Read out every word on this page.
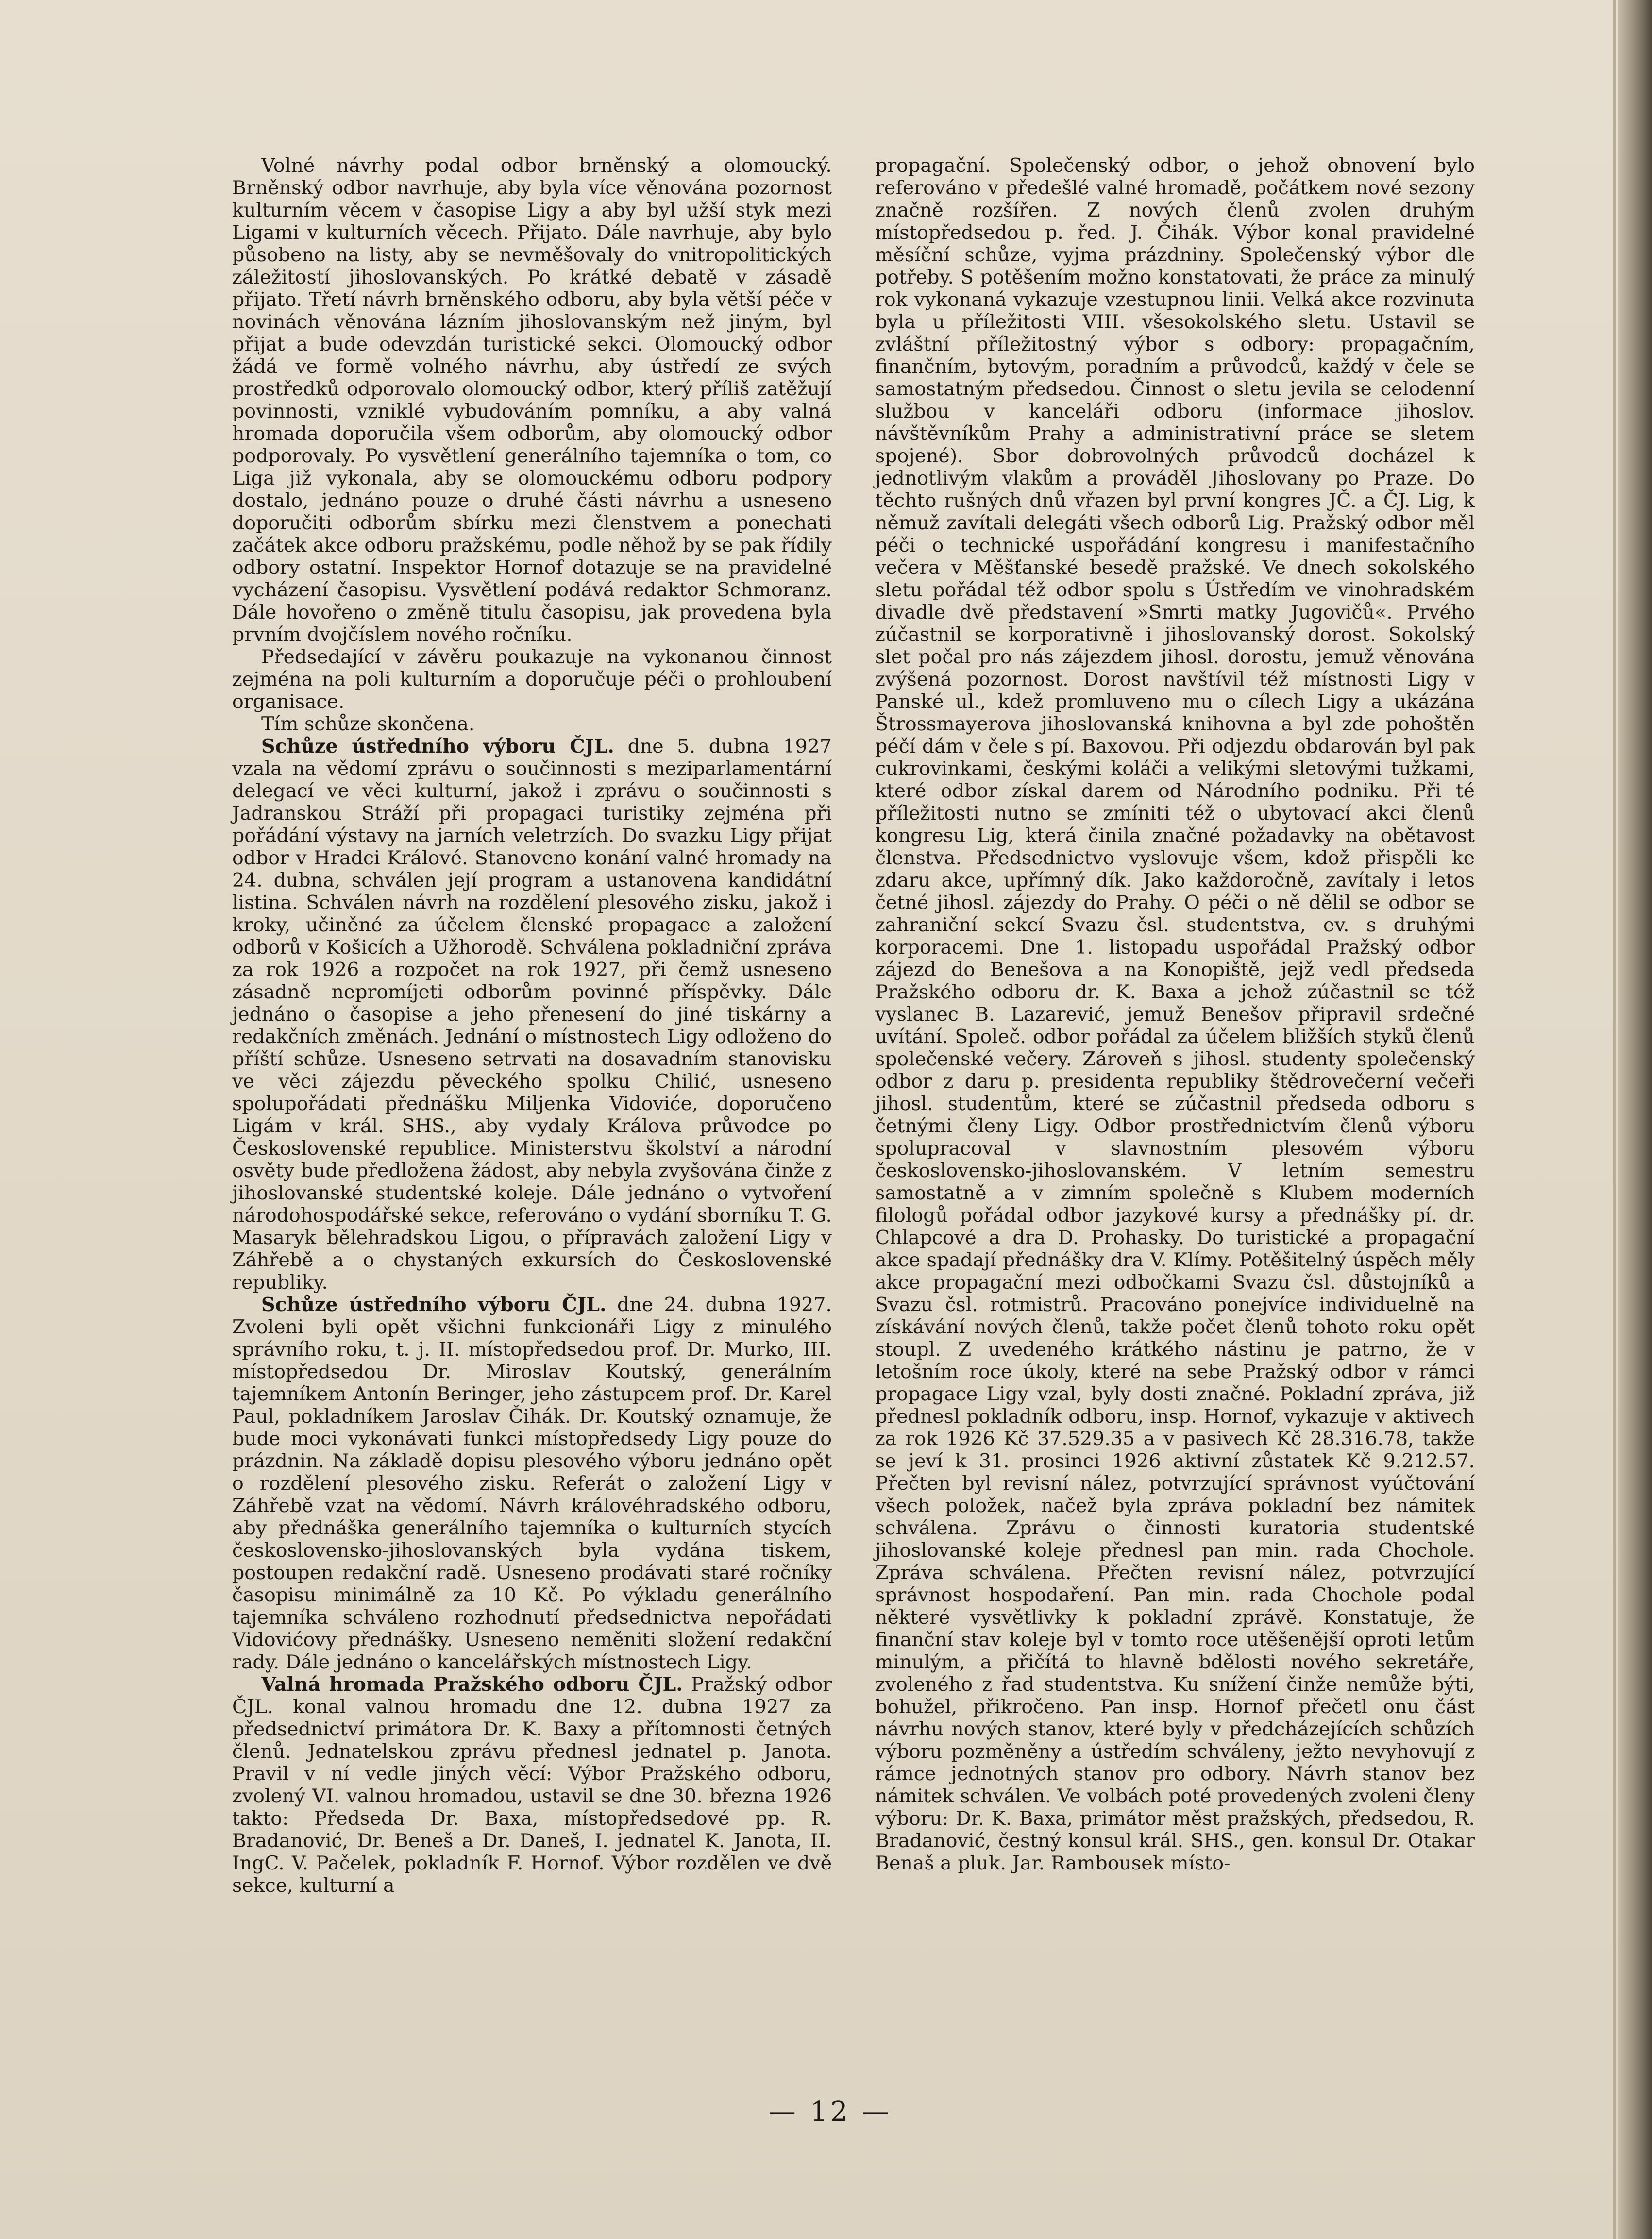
Volné návrhy podal odbor brněnský a olomoucký. Brněnský odbor navrhuje, aby byla více věnována pozornost kulturním věcem v časopise Ligy a aby byl užší styk mezi Ligami v kulturních věcech. Přijato. Dále navrhuje, aby bylo působeno na listy, aby se nevměšovaly do vnitropolitických záležitostí jihoslovanských. Po krátké debatě v zásadě přijato. Třetí návrh brněnského odboru, aby byla větší péče v novinách věnována lázním jihoslovanským než jiným, byl přijat a bude odevzdán turistické sekci. Olomoucký odbor žádá ve formě volného návrhu, aby ústředí ze svých prostředků odporovalo olomoucký odbor, který příliš zatěžují povinnosti, vzniklé vybudováním pomníku, a aby valná hromada doporučila všem odborům, aby olomoucký odbor podporovaly. Po vysvětlení generálního tajemníka o tom, co Liga již vykonala, aby se olomouckému odboru podpory dostalo, jednáno pouze o druhé části návrhu a usneseno doporučiti odborům sbírku mezi členstvem a ponechati začátek akce odboru pražskému, podle něhož by se pak řídily odbory ostatní. Inspektor Hornof dotazuje se na pravidelné vycházení časopisu. Vysvětlení podává redaktor Schmoranz. Dále hovořeno o změně titulu časopisu, jak provedena byla prvním dvojčíslem nového ročníku.

Předsedající v závěru poukazuje na vykonanou činnost zejména na poli kulturním a doporučuje péči o prohloubení organisace.

Tím schůze skončena.

Schůze ústředního výboru ČJL. dne 5. dubna 1927 vzala na vědomí zprávu o součinnosti s meziparlamentární delegací ve věci kulturní, jakož i zprávu o součinnosti s Jadranskou Stráží při propagaci turistiky zejména při pořádání výstavy na jarních veletrzích. Do svazku Ligy přijat odbor v Hradci Králové. Stanoveno konání valné hromady na 24. dubna, schválen její program a ustanovena kandidátní listina. Schválen návrh na rozdělení plesového zisku, jakož i kroky, učiněné za účelem členské propagace a založení odborů v Košicích a Užhorodě. Schválena pokladniční zpráva za rok 1926 a rozpočet na rok 1927, při čemž usneseno zásadně nepromíjeti odborům povinné příspěvky. Dále jednáno o časopise a jeho přenesení do jiné tiskárny a redakčních změnách. Jednání o místnostech Ligy odloženo do příští schůze. Usneseno setrvati na dosavadním stanovisku ve věci zájezdu pěveckého spolku Chilić, usneseno spolupořádati přednášku Miljenka Vidoviće, doporučeno Ligám v král. SHS., aby vydaly Králova průvodce po Československé republice. Ministerstvu školství a národní osvěty bude předložena žádost, aby nebyla zvyšována činže z jihoslovanské studentské koleje. Dále jednáno o vytvoření národohospodářské sekce, referováno o vydání sborníku T. G. Masaryk bělehradskou Ligou, o přípravách založení Ligy v Záhřebě a o chystaných exkursích do Československé republiky.

Schůze ústředního výboru ČJL. dne 24. dubna 1927. Zvoleni byli opět všichni funkcionáři Ligy z minulého správního roku, t. j. II. místopředsedou prof. Dr. Murko, III. místopředsedou Dr. Miroslav Koutský, generálním tajemníkem Antonín Beringer, jeho zástupcem prof. Dr. Karel Paul, pokladníkem Jaroslav Čihák. Dr. Koutský oznamuje, že bude moci vykonávati funkci místopředsedy Ligy pouze do prázdnin. Na základě dopisu plesového výboru jednáno opět o rozdělení plesového zisku. Referát o založení Ligy v Záhřebě vzat na vědomí. Návrh královéhradského odboru, aby přednáška generálního tajemníka o kulturních stycích československo-jihoslovanských byla vydána tiskem, postoupen redakční radě. Usneseno prodávati staré ročníky časopisu minimálně za 10 Kč. Po výkladu generálního tajemníka schváleno rozhodnutí předsednictva nepořádati Vidovićovy přednášky. Usneseno neměniti složení redakční rady. Dále jednáno o kancelářských místnostech Ligy.

Valná hromada Pražského odboru ČJL. Pražský odbor ČJL. konal valnou hromadu dne 12. dubna 1927 za předsednictví primátora Dr. K. Baxy a přítomnosti četných členů. Jednatelskou zprávu přednesl jednatel p. Janota. Pravil v ní vedle jiných věcí: Výbor Pražského odboru, zvolený VI. valnou hromadou, ustavil se dne 30. března 1926 takto: Předseda Dr. Baxa, místopředsedové pp. R. Bradanović, Dr. Beneš a Dr. Daneš, I. jednatel K. Janota, II. IngC. V. Pačelek, pokladník F. Hornof. Výbor rozdělen ve dvě sekce, kulturní a

propagační. Společenský odbor, o jehož obnovení bylo referováno v předešlé valné hromadě, počátkem nové sezony značně rozšířen. Z nových členů zvolen druhým místopředsedou p. řed. J. Čihák. Výbor konal pravidelné měsíční schůze, vyjma prázdniny. Společenský výbor dle potřeby. S potěšením možno konstatovati, že práce za minulý rok vykonaná vykazuje vzestupnou linii. Velká akce rozvinuta byla u příležitosti VIII. všesokolského sletu. Ustavil se zvláštní příležitostný výbor s odbory: propagačním, finančním, bytovým, poradním a průvodců, každý v čele se samostatným předsedou. Činnost o sletu jevila se celodenní službou v kanceláři odboru (informace jihoslov. návštěvníkům Prahy a administrativní práce se sletem spojené). Sbor dobrovolných průvodců docházel k jednotlivým vlakům a prováděl Jihoslovany po Praze. Do těchto rušných dnů vřazen byl první kongres JČ. a ČJ. Lig, k němuž zavítali delegáti všech odborů Lig. Pražský odbor měl péči o technické uspořádání kongresu i manifestačního večera v Měšťanské besedě pražské. Ve dnech sokolského sletu pořádal též odbor spolu s Ústředím ve vinohradském divadle dvě představení »Smrti matky Jugovičů«. Prvého zúčastnil se korporativně i jihoslovanský dorost. Sokolský slet počal pro nás zájezdem jihosl. dorostu, jemuž věnována zvýšená pozornost. Dorost navštívil též místnosti Ligy v Panské ul., kdež promluveno mu o cílech Ligy a ukázána Štrossmayerova jihoslovanská knihovna a byl zde pohoštěn péčí dám v čele s pí. Baxovou. Při odjezdu obdarován byl pak cukrovinkami, českými koláči a velikými sletovými tužkami, které odbor získal darem od Národního podniku. Při té příležitosti nutno se zmíniti též o ubytovací akci členů kongresu Lig, která činila značné požadavky na obětavost členstva. Předsednictvo vyslovuje všem, kdož přispěli ke zdaru akce, upřímný dík. Jako každoročně, zavítaly i letos četné jihosl. zájezdy do Prahy. O péči o ně dělil se odbor se zahraniční sekcí Svazu čsl. studentstva, ev. s druhými korporacemi. Dne 1. listopadu uspořádal Pražský odbor zájezd do Benešova a na Konopiště, jejž vedl předseda Pražského odboru dr. K. Baxa a jehož zúčastnil se též vyslanec B. Lazarević, jemuž Benešov připravil srdečné uvítání. Společ. odbor pořádal za účelem bližších styků členů společenské večery. Zároveň s jihosl. studenty společenský odbor z daru p. presidenta republiky štědrovečerní večeři jihosl. studentům, které se zúčastnil předseda odboru s četnými členy Ligy. Odbor prostřednictvím členů výboru spolupracoval v slavnostním plesovém výboru československo-jihoslovanském. V letním semestru samostatně a v zimním společně s Klubem moderních filologů pořádal odbor jazykové kursy a přednášky pí. dr. Chlapcové a dra D. Prohasky. Do turistické a propagační akce spadají přednášky dra V. Klímy. Potěšitelný úspěch měly akce propagační mezi odbočkami Svazu čsl. důstojníků a Svazu čsl. rotmistrů. Pracováno ponejvíce individuelně na získávání nových členů, takže počet členů tohoto roku opět stoupl. Z uvedeného krátkého nástinu je patrno, že v letošním roce úkoly, které na sebe Pražský odbor v rámci propagace Ligy vzal, byly dosti značné. Pokladní zpráva, již přednesl pokladník odboru, insp. Hornof, vykazuje v aktivech za rok 1926 Kč 37.529.35 a v pasivech Kč 28.316.78, takže se jeví k 31. prosinci 1926 aktivní zůstatek Kč 9.212.57. Přečten byl revisní nález, potvrzující správnost vyúčtování všech položek, načež byla zpráva pokladní bez námitek schválena. Zprávu o činnosti kuratoria studentské jihoslovanské koleje přednesl pan min. rada Chochole. Zpráva schválena. Přečten revisní nález, potvrzující správnost hospodaření. Pan min. rada Chochole podal některé vysvětlivky k pokladní zprávě. Konstatuje, že finanční stav koleje byl v tomto roce utěšenější oproti letům minulým, a přičítá to hlavně bdělosti nového sekretáře, zvoleného z řad studentstva. Ku snížení činže nemůže býti, bohužel, přikročeno. Pan insp. Hornof přečetl onu část návrhu nových stanov, které byly v předcházejících schůzích výboru pozměněny a ústředím schváleny, ježto nevyhovují z rámce jednotných stanov pro odbory. Návrh stanov bez námitek schválen. Ve volbách poté provedených zvoleni členy výboru: Dr. K. Baxa, primátor měst pražských, předsedou, R. Bradanović, čestný konsul král. SHS., gen. konsul Dr. Otakar Benaš a pluk. Jar. Rambousek místo-

— 12 —
